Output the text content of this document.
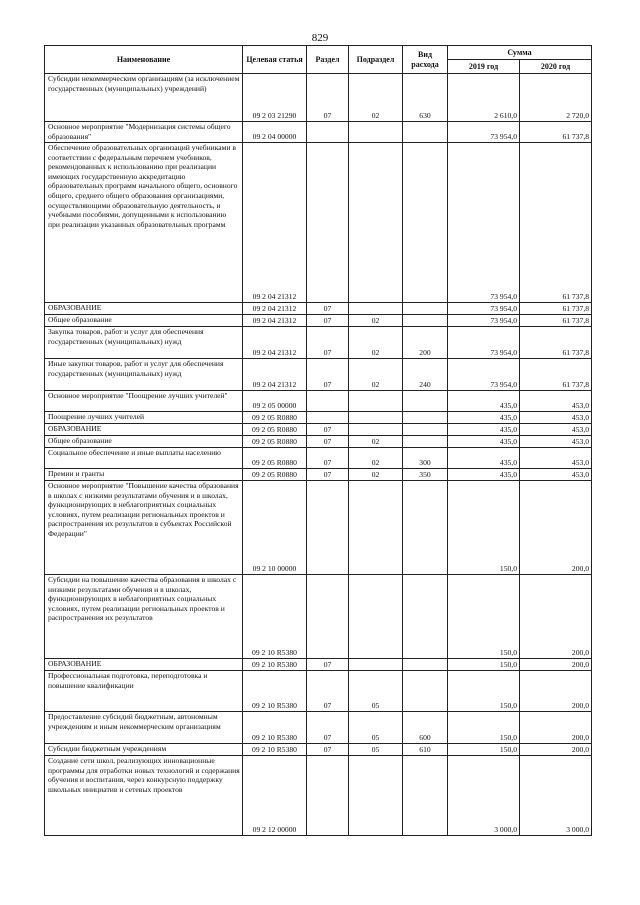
829
Наименование	Целевая статья	Раздел	Подраздел	Вид расхода	Сумма	
					2019 год	2020 год

Субсидии некоммерческим организациям (за исключением государственных (муниципальных) учреждений)	09 2 03 21290	07	02	630	2 610,0	2 720,0

Основное мероприятие "Модернизация системы общего образования"	09 2 04 00000				73 954,0	61 737,8

Обеспечение образовательных организаций учебниками в соответствии с федеральным перечнем учебников, рекомендованных к использованию при реализации имеющих государственную аккредитацию образовательных программ начального общего, основного общего, среднего общего образования организациями, осуществляющими образовательную деятельность, и учебными пособиями, допущенными к использованию при реализации указанных образовательных программ	09 2 04 21312				73 954,0	61 737,8

ОБРАЗОВАНИЕ	09 2 04 21312	07			73 954,0	61 737,8

Общее образование	09 2 04 21312	07	02		73 954,0	61 737,8

Закупка товаров, работ и услуг для обеспечения государственных (муниципальных) нужд	09 2 04 21312	07	02	200	73 954,0	61 737,8

Иные закупки товаров, работ и услуг для обеспечения государственных (муниципальных) нужд	09 2 04 21312	07	02	240	73 954,0	61 737,8

Основное мероприятие "Поощрение лучших учителей"	09 2 05 00000				435,0	453,0

Поощрение лучших учителей	09 2 05 R0880				435,0	453,0

ОБРАЗОВАНИЕ	09 2 05 R0880	07			435,0	453,0

Общее образование	09 2 05 R0880	07	02		435,0	453,0

Социальное обеспечение и иные выплаты населению	09 2 05 R0880	07	02	300	435,0	453,0

Премии и гранты	09 2 05 R0880	07	02	350	435,0	453,0

Основное мероприятие "Повышение качества образования в школах с низкими результатами обучения и в школах, функционирующих в неблагоприятных социальных условиях, путем реализации региональных проектов и распространения их результатов в субъектах Российской Федерации"	09 2 10 00000				150,0	200,0

Субсидии на повышение качества образования в школах с низкими результатами обучения и в школах, функционирующих в неблагоприятных социальных условиях, путем реализации региональных проектов и распространения их результатов	09 2 10 R5380				150,0	200,0

ОБРАЗОВАНИЕ	09 2 10 R5380	07			150,0	200,0

Профессиональная подготовка, переподготовка и повышение квалификации	09 2 10 R5380	07	05		150,0	200,0

Предоставление субсидий бюджетным, автономным учреждениям и иным некоммерческим организациям	09 2 10 R5380	07	05	600	150,0	200,0

Субсидии бюджетным учреждениям	09 2 10 R5380	07	05	610	150,0	200,0

Создание сети школ, реализующих инновационные программы для отработки новых технологий и содержания обучения и воспитания, через конкурсную поддержку школьных инициатив и сетевых проектов	09 2 12 00000				3 000,0	3 000,0
